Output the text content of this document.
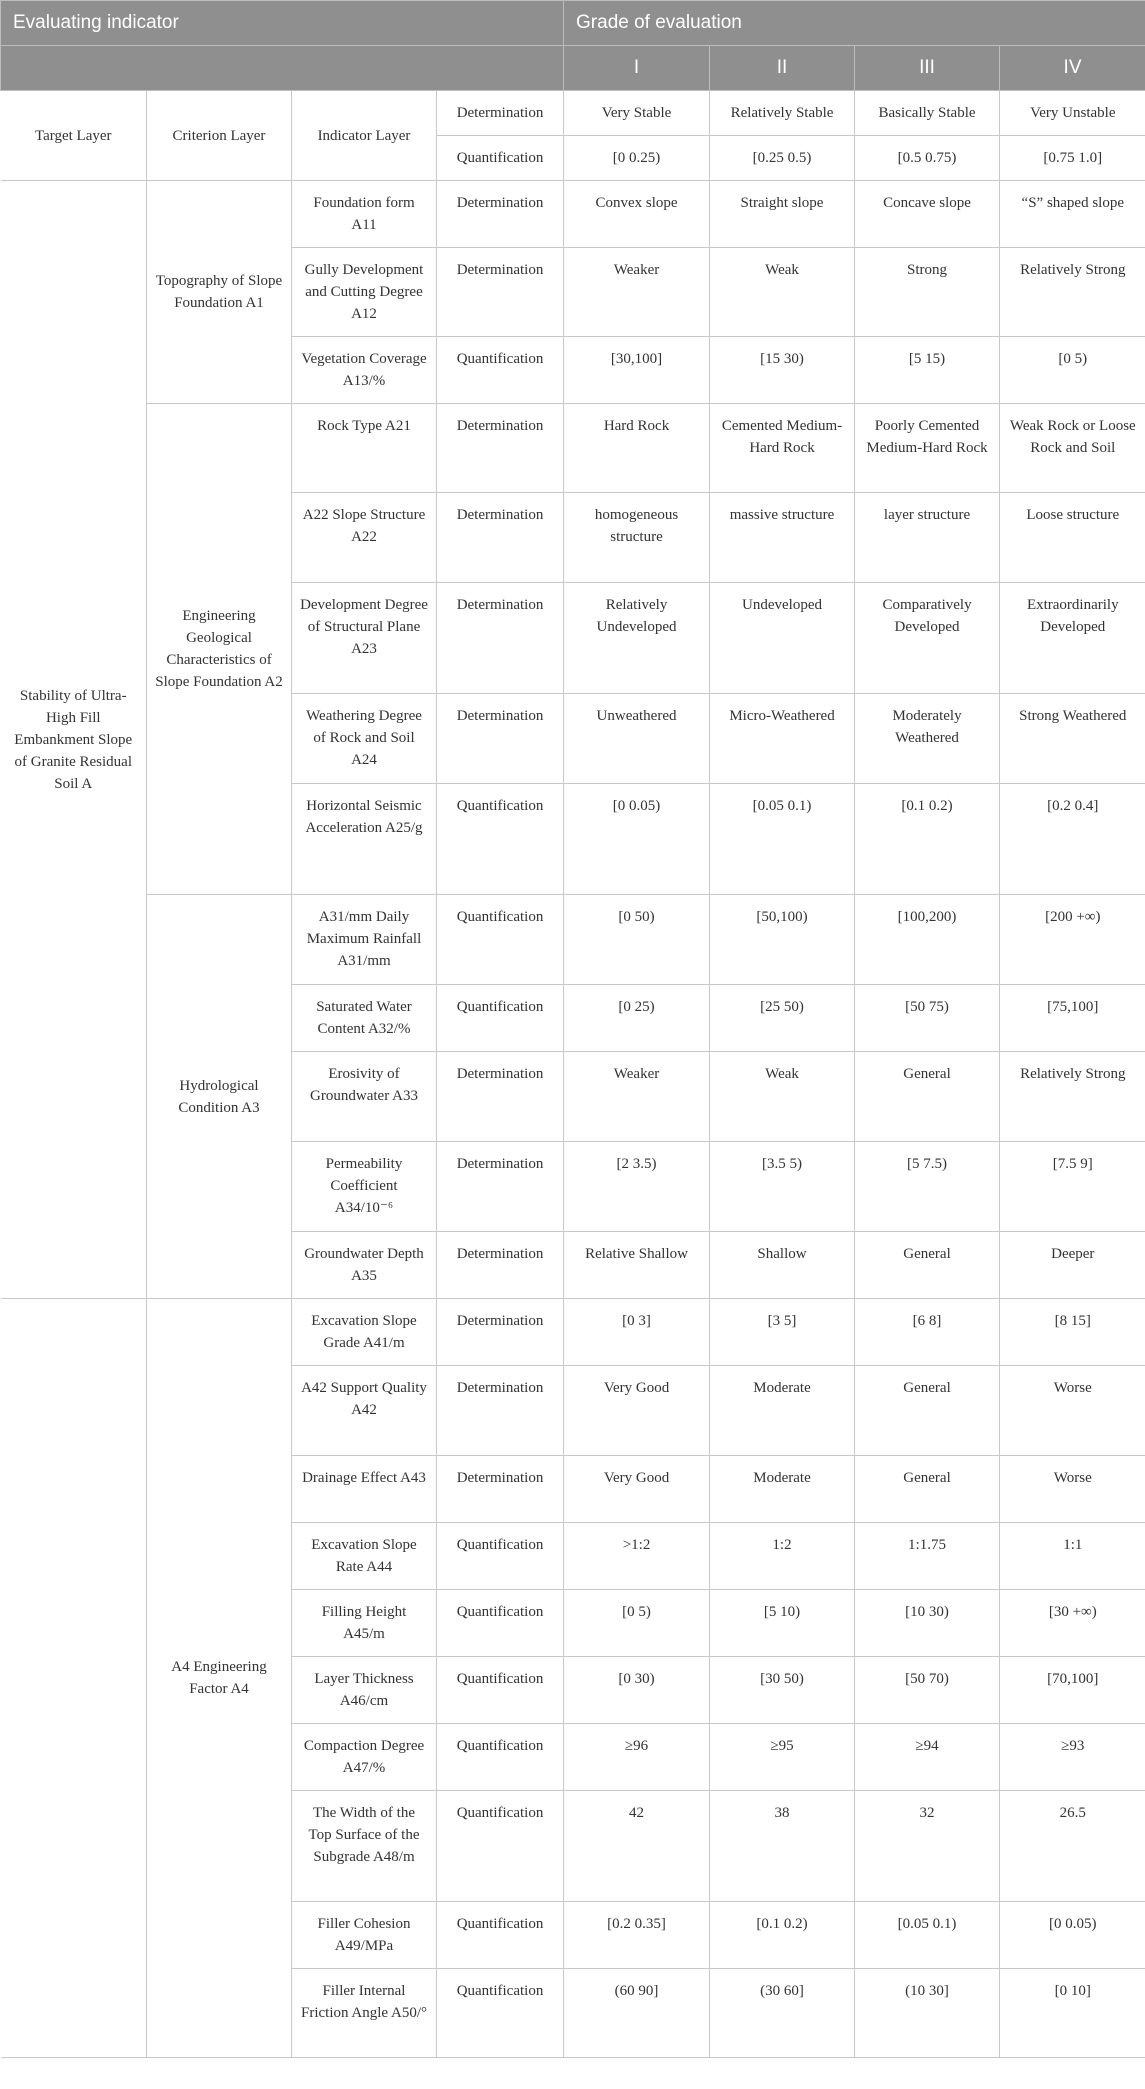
Evaluating indicator				Grade of evaluation			
				I	II	III	IV
Target Layer	Criterion Layer	Indicator Layer	Determination	Very Stable	Relatively Stable	Basically Stable	Very Unstable
			Quantification	[0 0.25)	[0.25 0.5)	[0.5 0.75)	[0.75 1.0]
Stability of Ultra-High Fill Embankment Slope of Granite Residual Soil A	Topography of Slope Foundation A1	Foundation form A11	Determination	Convex slope	Straight slope	Concave slope	“S” shaped slope
		Gully Development and Cutting Degree A12	Determination	Weaker	Weak	Strong	Relatively Strong
		Vegetation Coverage A13/%	Quantification	[30,100]	[15 30)	[5 15)	[0 5)
	Engineering Geological Characteristics of Slope Foundation A2	Rock Type A21	Determination	Hard Rock	Cemented Medium-Hard Rock	Poorly Cemented Medium-Hard Rock	Weak Rock or Loose Rock and Soil
		A22 Slope Structure A22	Determination	homogeneous structure	massive structure	layer structure	Loose structure
		Development Degree of Structural Plane A23	Determination	Relatively Undeveloped	Undeveloped	Comparatively Developed	Extraordinarily Developed
		Weathering Degree of Rock and Soil A24	Determination	Unweathered	Micro-Weathered	Moderately Weathered	Strong Weathered
		Horizontal Seismic Acceleration A25/g	Quantification	[0 0.05)	[0.05 0.1)	[0.1 0.2)	[0.2 0.4]
	Hydrological Condition A3	A31/mm Daily Maximum Rainfall A31/mm	Quantification	[0 50)	[50,100)	[100,200)	[200 +∞)
		Saturated Water Content A32/%	Quantification	[0 25)	[25 50)	[50 75)	[75,100]
		Erosivity of Groundwater A33	Determination	Weaker	Weak	General	Relatively Strong
		Permeability Coefficient A34/10⁻⁶	Determination	[2 3.5)	[3.5 5)	[5 7.5)	[7.5 9]
		Groundwater Depth A35	Determination	Relative Shallow	Shallow	General	Deeper
	A4 Engineering Factor A4	Excavation Slope Grade A41/m	Determination	[0 3]	[3 5]	[6 8]	[8 15]
		A42 Support Quality A42	Determination	Very Good	Moderate	General	Worse
		Drainage Effect A43	Determination	Very Good	Moderate	General	Worse
		Excavation Slope Rate A44	Quantification	>1:2	1:2	1:1.75	1:1
		Filling Height A45/m	Quantification	[0 5)	[5 10)	[10 30)	[30 +∞)
		Layer Thickness A46/cm	Quantification	[0 30)	[30 50)	[50 70)	[70,100]
		Compaction Degree A47/%	Quantification	≥96	≥95	≥94	≥93
		The Width of the Top Surface of the Subgrade A48/m	Quantification	42	38	32	26.5
		Filler Cohesion A49/MPa	Quantification	[0.2 0.35]	[0.1 0.2)	[0.05 0.1)	[0 0.05)
		Filler Internal Friction Angle A50/°	Quantification	(60 90]	(30 60]	(10 30]	[0 10]
